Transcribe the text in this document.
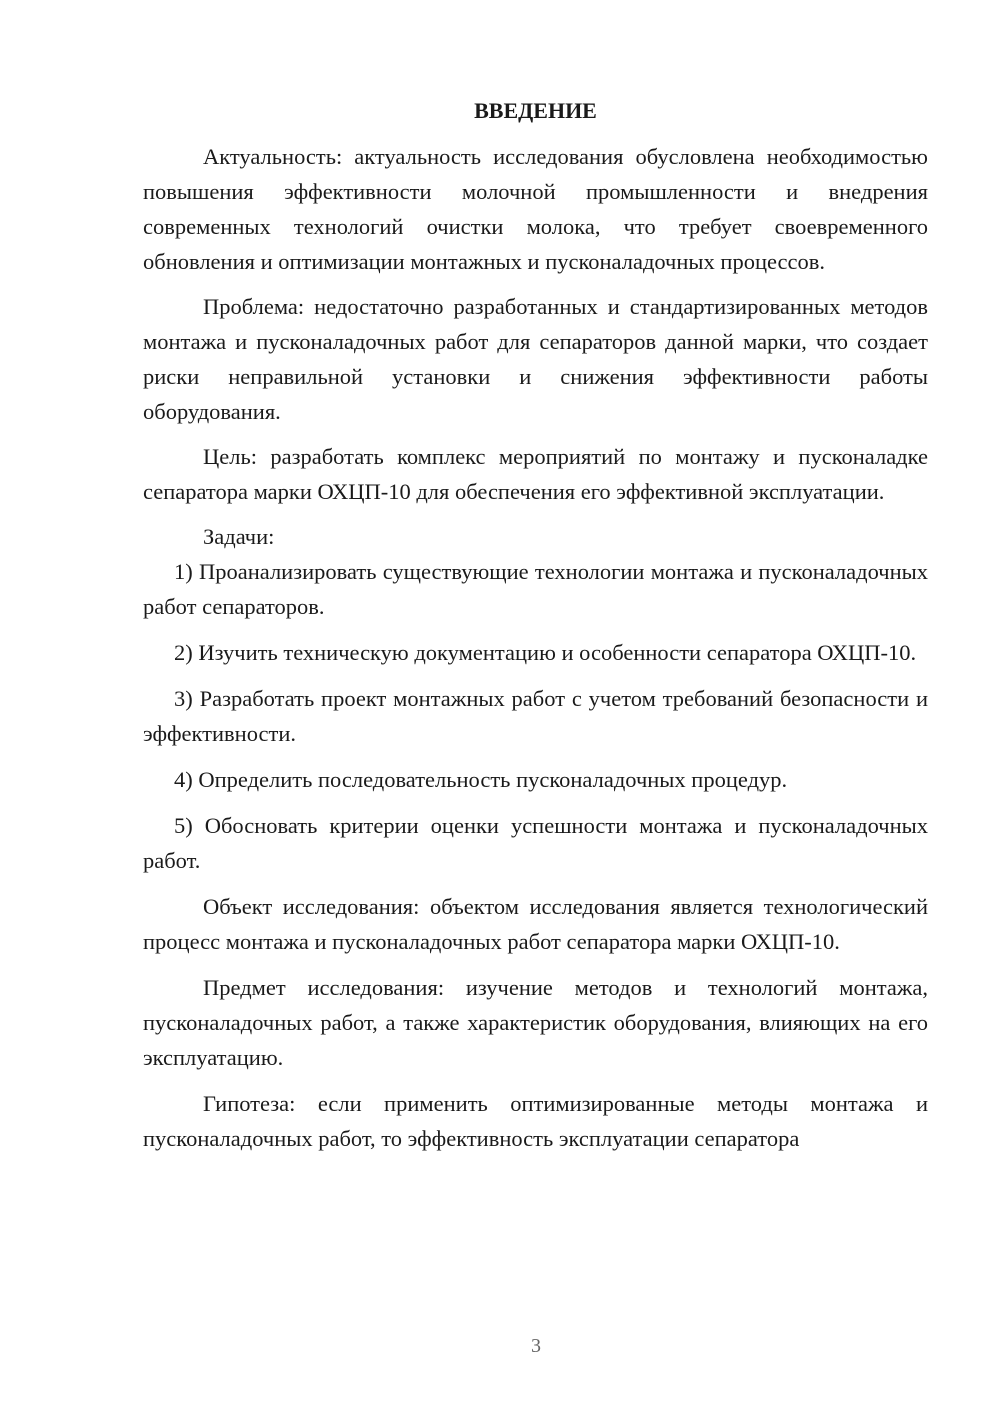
ВВЕДЕНИЕ

Актуальность: актуальность исследования обусловлена необходимостью повышения эффективности молочной промышленности и внедрения современных технологий очистки молока, что требует своевременного обновления и оптимизации монтажных и пусконаладочных процессов.

Проблема: недостаточно разработанных и стандартизированных методов монтажа и пусконаладочных работ для сепараторов данной марки, что создает риски неправильной установки и снижения эффективности работы оборудования.

Цель: разработать комплекс мероприятий по монтажу и пусконаладке сепаратора марки ОХЦП-10 для обеспечения его эффективной эксплуатации.

Задачи:

1) Проанализировать существующие технологии монтажа и пусконаладочных работ сепараторов.

2) Изучить техническую документацию и особенности сепаратора ОХЦП-10.

3) Разработать проект монтажных работ с учетом требований безопасности и эффективности.

4) Определить последовательность пусконаладочных процедур.

5) Обосновать критерии оценки успешности монтажа и пусконаладочных работ.

Объект исследования: объектом исследования является технологический процесс монтажа и пусконаладочных работ сепаратора марки ОХЦП-10.

Предмет исследования: изучение методов и технологий монтажа, пусконаладочных работ, а также характеристик оборудования, влияющих на его эксплуатацию.

Гипотеза: если применить оптимизированные методы монтажа и пусконаладочных работ, то эффективность эксплуатации сепаратора

3
